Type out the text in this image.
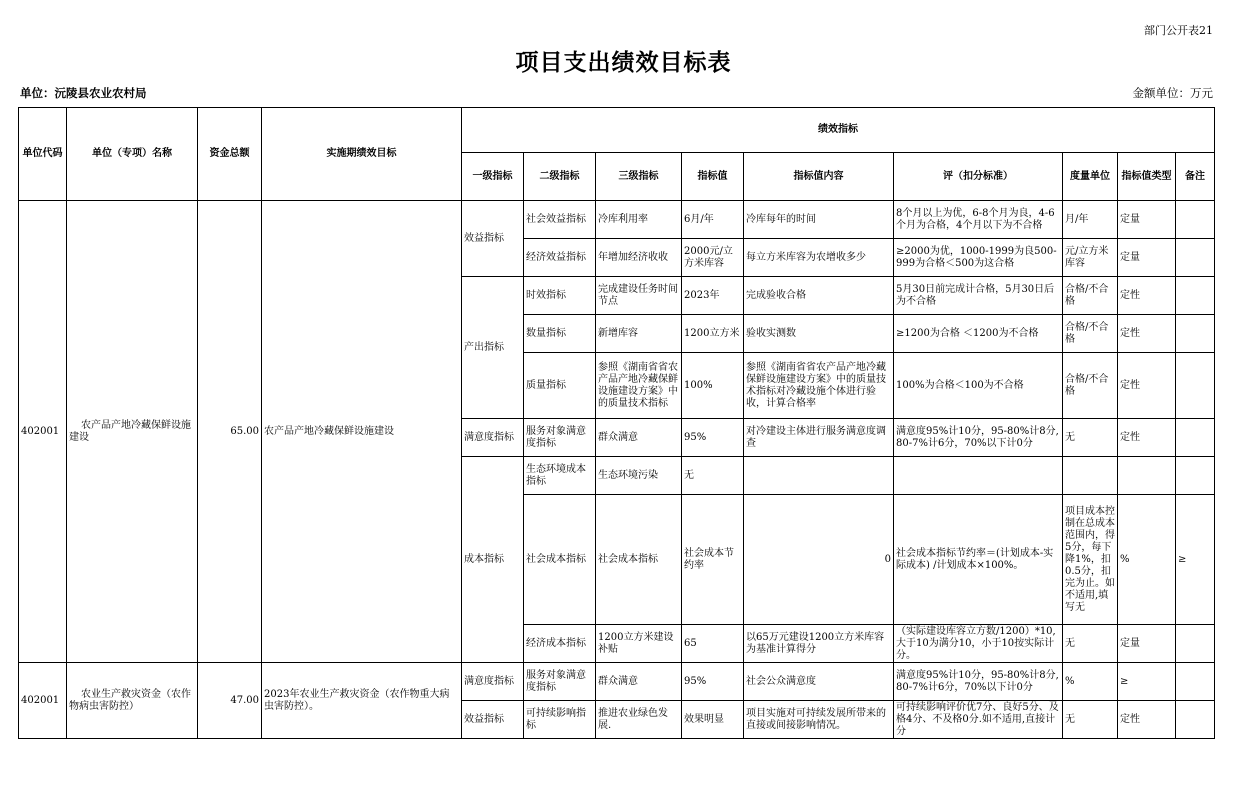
部门公开表21
项目支出绩效目标表
单位：沅陵县农业农村局	金额单位：万元
单位代码	单位（专项）名称	资金总额	实施期绩效目标	绩效指标								
				一级指标	二级指标	三级指标	指标值	指标值内容	评（扣分标准）	度量单位	指标值类型	备注
402001	农产品产地冷藏保鲜设施建设	65.00	农产品产地冷藏保鲜设施建设	效益指标	社会效益指标	冷库利用率	6月/年	冷库每年的时间	8个月以上为优，6-8个月为良，4-6个月为合格，4个月以下为不合格	月/年	定量	
					经济效益指标	年增加经济收收	2000元/立方米库容	每立方米库容为农增收多少	≥2000为优，1000-1999为良500-999为合格＜500为这合格	元/立方米库容	定量	
				产出指标	时效指标	完成建设任务时间节点	2023年	完成验收合格	5月30日前完成计合格，5月30日后为不合格	合格/不合格	定性	
					数量指标	新增库容	1200立方米	验收实测数	≥1200为合格 ＜1200为不合格	合格/不合格	定性	
					质量指标	参照《湖南省省农产品产地冷藏保鲜设施建设方案》中的质量技术指标	100%	参照《湖南省省农产品产地冷藏保鲜设施建设方案》中的质量技术指标对冷藏设施个体进行验收，计算合格率	100%为合格＜100为不合格	合格/不合格	定性	
				满意度指标	服务对象满意度指标	群众满意	95%	对冷建设主体进行服务满意度调查	满意度95%计10分，95-80%计8分,80-7%计6分，70%以下计0分	无	定性	
				成本指标	生态环境成本指标	生态环境污染	无					
					社会成本指标	社会成本指标	社会成本节约率	0	社会成本指标节约率＝(计划成本-实际成本) /计划成本×100%。	项目成本控制在总成本范围内，得5分，每下降1%，扣0.5分，扣完为止。如不适用,填写无	%	≥
					经济成本指标	1200立方米建设补贴	65	以65万元建设1200立方米库容为基准计算得分	（实际建设库容立方数/1200）*10,大于10为满分10，小于10按实际计分。	无	定量	
402001	农业生产救灾资金（农作物病虫害防控）	47.00	2023年农业生产救灾资金（农作物重大病虫害防控）。	满意度指标	服务对象满意度指标	群众满意	95%	社会公众满意度	满意度95%计10分，95-80%计8分,80-7%计6分，70%以下计0分	%	≥	
				效益指标	可持续影响指标	推进农业绿色发展.	效果明显	项目实施对可持续发展所带来的直接或间接影响情况。	可持续影响评价优7分、良好5分、及格4分、不及格0分.如不适用,直接计分	无	定性	
